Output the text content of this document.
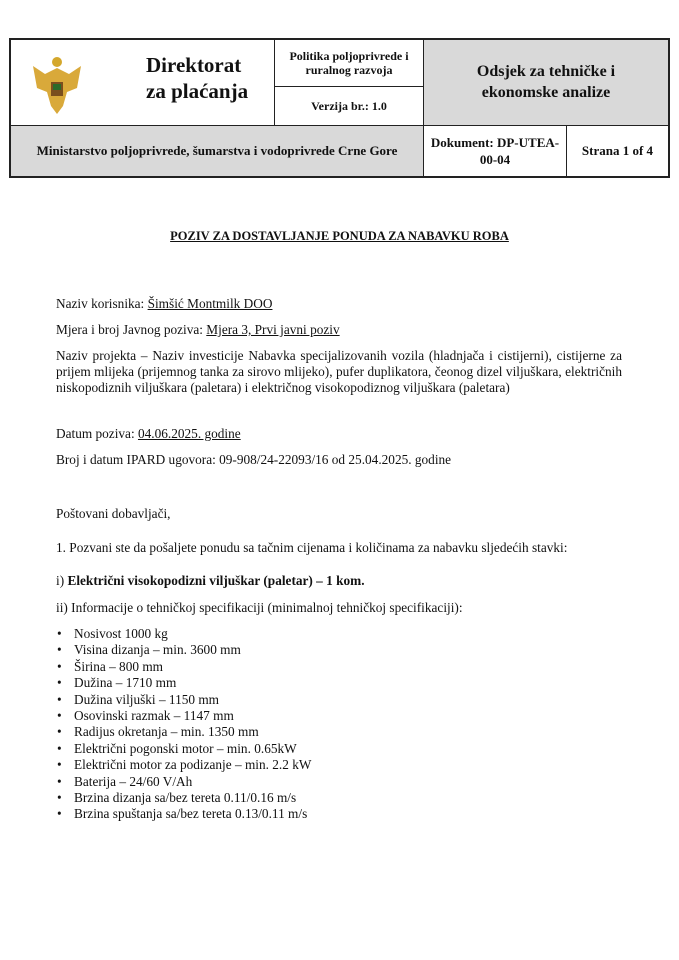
Direktorat
za plaćanja	Politika poljoprivrede i ruralnog razvoja	Odsjek za tehničke i ekonomske analize	
	Verzija br.: 1.0		
Ministarstvo poljoprivrede, šumarstva i vodoprivrede Crne Gore		Dokument: DP-UTEA-00-04	Strana 1 of 4
POZIV ZA DOSTAVLJANJE PONUDA ZA NABAVKU ROBA
Naziv korisnika: Šimšić Montmilk DOO
Mjera i broj Javnog poziva: Mjera 3, Prvi javni poziv
Naziv projekta – Naziv investicije Nabavka specijalizovanih vozila (hladnjača i cistijerni), cistijerne za prijem mlijeka (prijemnog tanka za sirovo mlijeko), pufer duplikatora, čeonog dizel viljuškara, električnih niskopodiznih viljuškara (paletara) i električnog visokopodiznog viljuškara (paletara)
Datum poziva: 04.06.2025. godine
Broj i datum IPARD ugovora: 09-908/24-22093/16 od 25.04.2025. godine
Poštovani dobavljači,
1. Pozvani ste da pošaljete ponudu sa tačnim cijenama i količinama za nabavku sljedećih stavki:
i) Električni visokopodizni viljuškar (paletar) – 1 kom.
ii) Informacije o tehničkoj specifikaciji (minimalnoj tehničkoj specifikaciji):
• Nosivost 1000 kg
• Visina dizanja – min. 3600 mm
• Širina – 800 mm
• Dužina – 1710 mm
• Dužina viljuški – 1150 mm
• Osovinski razmak – 1147 mm
• Radijus okretanja – min. 1350 mm
• Električni pogonski motor – min. 0.65kW
• Električni motor za podizanje – min. 2.2 kW
• Baterija – 24/60 V/Ah
• Brzina dizanja sa/bez tereta 0.11/0.16 m/s
• Brzina spuštanja sa/bez tereta 0.13/0.11 m/s
